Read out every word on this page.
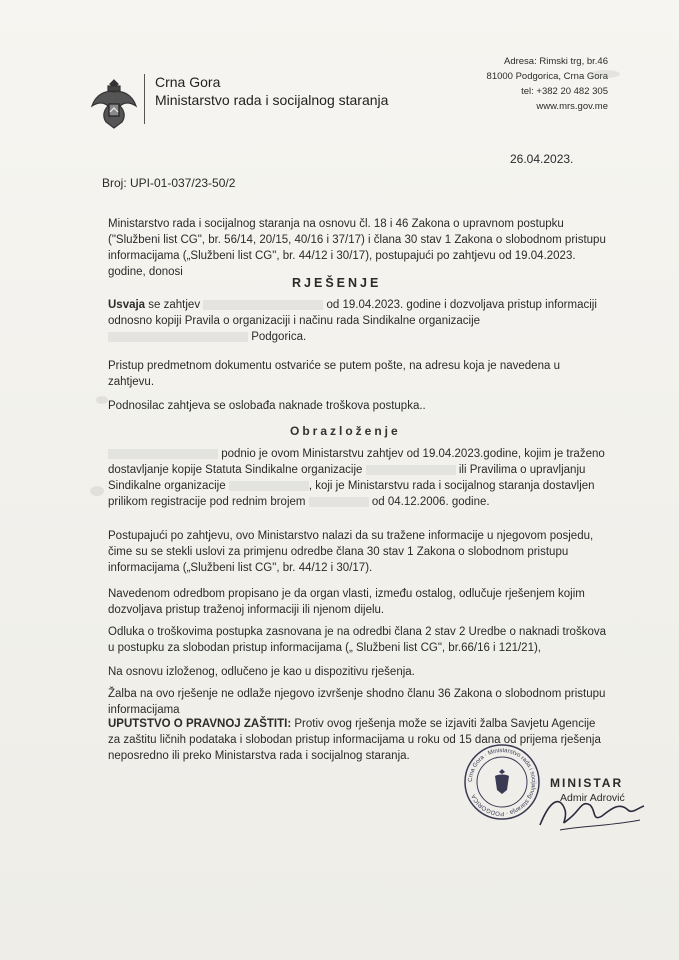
Crna Gora
Ministarstvo rada i socijalnog staranja
Adresa: Rimski trg, br.46
81000 Podgorica, Crna Gora
tel: +382 20 482 305
www.mrs.gov.me
26.04.2023.
Broj: UPI-01-037/23-50/2
Ministarstvo rada i socijalnog staranja na osnovu čl. 18 i 46 Zakona o upravnom postupku ("Službeni list CG", br. 56/14, 20/15, 40/16 i 37/17) i člana 30 stav 1 Zakona o slobodnom pristupu informacijama („Službeni list CG", br. 44/12 i 30/17), postupajući po zahtjevu od 19.04.2023. godine, donosi
RJEŠENJE
Usvaja se zahtjev	od 19.04.2023. godine i dozvoljava pristup informaciji odnosno kopiji Pravila o organizaciji i načinu rada Sindikalne organizacije  Podgorica.
Pristup predmetnom dokumentu ostvariće se putem pošte, na adresu koja je navedena u zahtjevu.
Podnosilac zahtjeva se oslobađa naknade troškova postupka..
Obrazloženje
podnio je ovom Ministarstvu zahtjev od 19.04.2023.godine, kojim je traženo dostavljanje kopije Statuta Sindikalne organizacije	ili Pravilima o upravljanju Sindikalne organizacije	, koji je Ministarstvu rada i socijalnog staranja dostavljen prilikom registracije pod rednim brojem	od 04.12.2006. godine.
Postupajući po zahtjevu, ovo Ministarstvo nalazi da su tražene informacije u njegovom posjedu, čime su se stekli uslovi za primjenu odredbe člana 30 stav 1 Zakona o slobodnom pristupu informacijama („Službeni list CG", br. 44/12 i 30/17).
Navedenom odredbom propisano je da organ vlasti, između ostalog, odlučuje rješenjem kojim dozvoljava pristup traženoj informaciji ili njenom dijelu.
Odluka o troškovima postupka zasnovana je na odredbi člana 2 stav 2 Uredbe o naknadi troškova u postupku za slobodan pristup informacijama („ Službeni list CG", br.66/16 i 121/21),
Na osnovu izloženog, odlučeno je kao u dispozitivu rješenja.
Žalba na ovo rješenje ne odlaže njegovo izvršenje shodno članu 36 Zakona o slobodnom pristupu informacijama
UPUTSTVO O PRAVNOJ ZAŠTITI: Protiv ovog rješenja može se izjaviti žalba Savjetu Agencije za zaštitu ličnih podataka i slobodan pristup informacijama u roku od 15 dana od prijema rješenja neposredno ili preko Ministarstva rada i socijalnog staranja.
Crna Gora · Ministarstvo rada i socijalnog staranja · PODGORICA
MINISTAR
Admir Adrović
